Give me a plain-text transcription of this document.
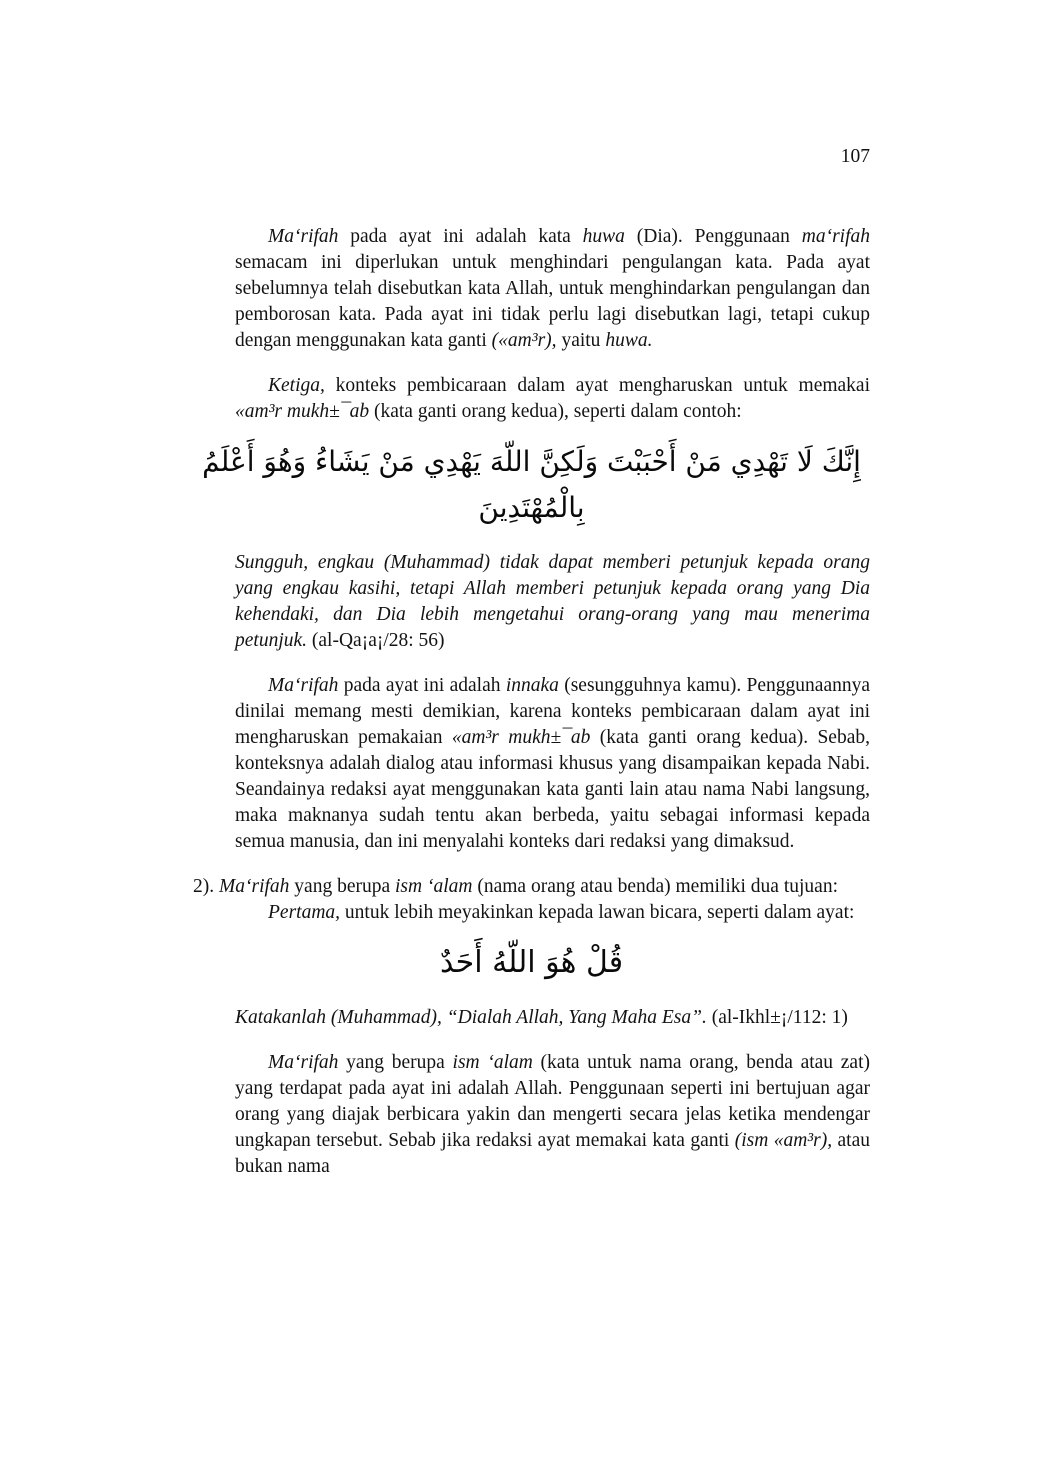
107

Ma‘rifah pada ayat ini adalah kata huwa (Dia). Penggunaan ma‘rifah semacam ini diperlukan untuk menghindari pengulangan kata. Pada ayat sebelumnya telah disebutkan kata Allah, untuk menghindarkan pengulangan dan pemborosan kata. Pada ayat ini tidak perlu lagi disebutkan lagi, tetapi cukup dengan menggunakan kata ganti («am³r), yaitu huwa.

Ketiga, konteks pembicaraan dalam ayat mengharuskan untuk memakai «am³r mukh±¯ab (kata ganti orang kedua), seperti dalam contoh:

إِنَّكَ لَا تَهْدِي مَنْ أَحْبَبْتَ وَلَكِنَّ اللّهَ يَهْدِي مَنْ يَشَاءُ وَهُوَ أَعْلَمُ بِالْمُهْتَدِينَ

Sungguh, engkau (Muhammad) tidak dapat memberi petunjuk kepada orang yang engkau kasihi, tetapi Allah memberi petunjuk kepada orang yang Dia kehendaki, dan Dia lebih mengetahui orang-orang yang mau menerima petunjuk. (al-Qa¡a¡/28: 56)

Ma‘rifah pada ayat ini adalah innaka (sesungguhnya kamu). Penggunaannya dinilai memang mesti demikian, karena konteks pembicaraan dalam ayat ini mengharuskan pemakaian «am³r mukh±¯ab (kata ganti orang kedua). Sebab, konteksnya adalah dialog atau informasi khusus yang disampaikan kepada Nabi. Seandainya redaksi ayat menggunakan kata ganti lain atau nama Nabi langsung, maka maknanya sudah tentu akan berbeda, yaitu sebagai informasi kepada semua manusia, dan ini menyalahi konteks dari redaksi yang dimaksud.

2). Ma‘rifah yang berupa ism ‘alam (nama orang atau benda) memiliki dua tujuan:

Pertama, untuk lebih meyakinkan kepada lawan bicara, seperti dalam ayat:

قُلْ هُوَ اللّهُ أَحَدٌ

Katakanlah (Muhammad), “Dialah Allah, Yang Maha Esa”. (al-Ikhl±¡/112: 1)

Ma‘rifah yang berupa ism ‘alam (kata untuk nama orang, benda atau zat) yang terdapat pada ayat ini adalah Allah. Penggunaan seperti ini bertujuan agar orang yang diajak berbicara yakin dan mengerti secara jelas ketika mendengar ungkapan tersebut. Sebab jika redaksi ayat memakai kata ganti (ism «am³r), atau bukan nama
